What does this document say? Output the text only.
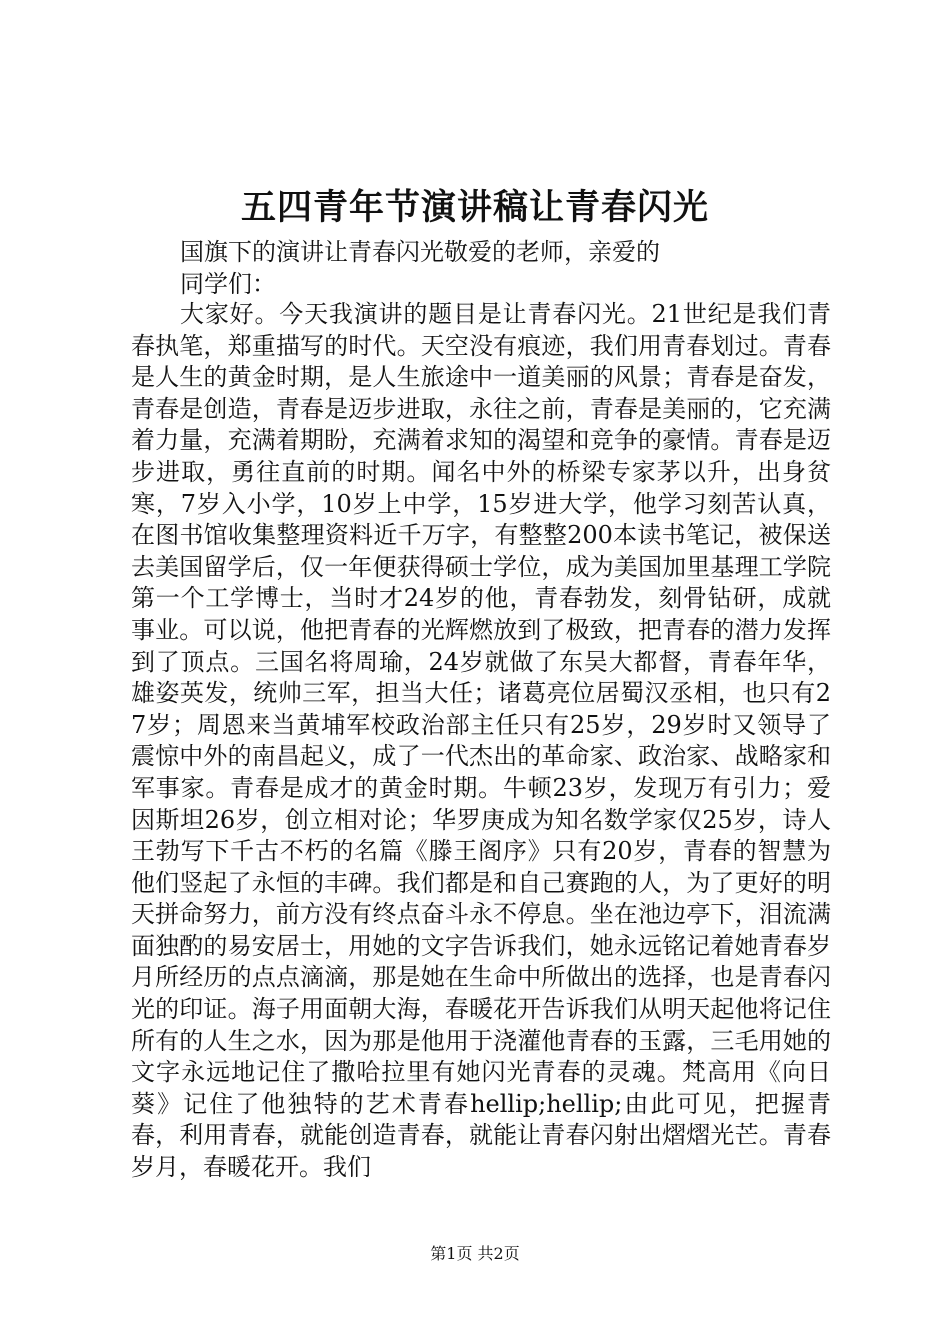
五四青年节演讲稿让青春闪光
国旗下的演讲让青春闪光敬爱的老师，亲爱的
同学们：

大家好。今天我演讲的题目是让青春闪光。21世纪是我们青春执笔，郑重描写的时代。天空没有痕迹，我们用青春划过。青春是人生的黄金时期，是人生旅途中一道美丽的风景；青春是奋发，青春是创造，青春是迈步进取，永往之前，青春是美丽的，它充满着力量，充满着期盼，充满着求知的渴望和竞争的豪情。青春是迈步进取，勇往直前的时期。闻名中外的桥梁专家茅以升，出身贫寒，7岁入小学，10岁上中学，15岁进大学，他学习刻苦认真，在图书馆收集整理资料近千万字，有整整200本读书笔记，被保送去美国留学后，仅一年便获得硕士学位，成为美国加里基理工学院第一个工学博士，当时才24岁的他，青春勃发，刻骨钻研，成就事业。可以说，他把青春的光辉燃放到了极致，把青春的潜力发挥到了顶点。三国名将周瑜，24岁就做了东吴大都督，青春年华，雄姿英发，统帅三军，担当大任；诸葛亮位居蜀汉丞相，也只有27岁；周恩来当黄埔军校政治部主任只有25岁，29岁时又领导了震惊中外的南昌起义，成了一代杰出的革命家、政治家、战略家和军事家。青春是成才的黄金时期。牛顿23岁，发现万有引力；爱因斯坦26岁，创立相对论；华罗庚成为知名数学家仅25岁，诗人王勃写下千古不朽的名篇《滕王阁序》只有20岁，青春的智慧为他们竖起了永恒的丰碑。我们都是和自己赛跑的人，为了更好的明天拼命努力，前方没有终点奋斗永不停息。坐在池边亭下，泪流满面独酌的易安居士，用她的文字告诉我们，她永远铭记着她青春岁月所经历的点点滴滴，那是她在生命中所做出的选择，也是青春闪光的印证。海子用面朝大海，春暖花开告诉我们从明天起他将记住所有的人生之水，因为那是他用于浇灌他青春的玉露，三毛用她的文字永远地记住了撒哈拉里有她闪光青春的灵魂。梵高用《向日葵》记住了他独特的艺术青春hellip;hellip;由此可见，把握青春，利用青春，就能创造青春，就能让青春闪射出熠熠光芒。青春岁月，春暖花开。我们

第1页 共2页
